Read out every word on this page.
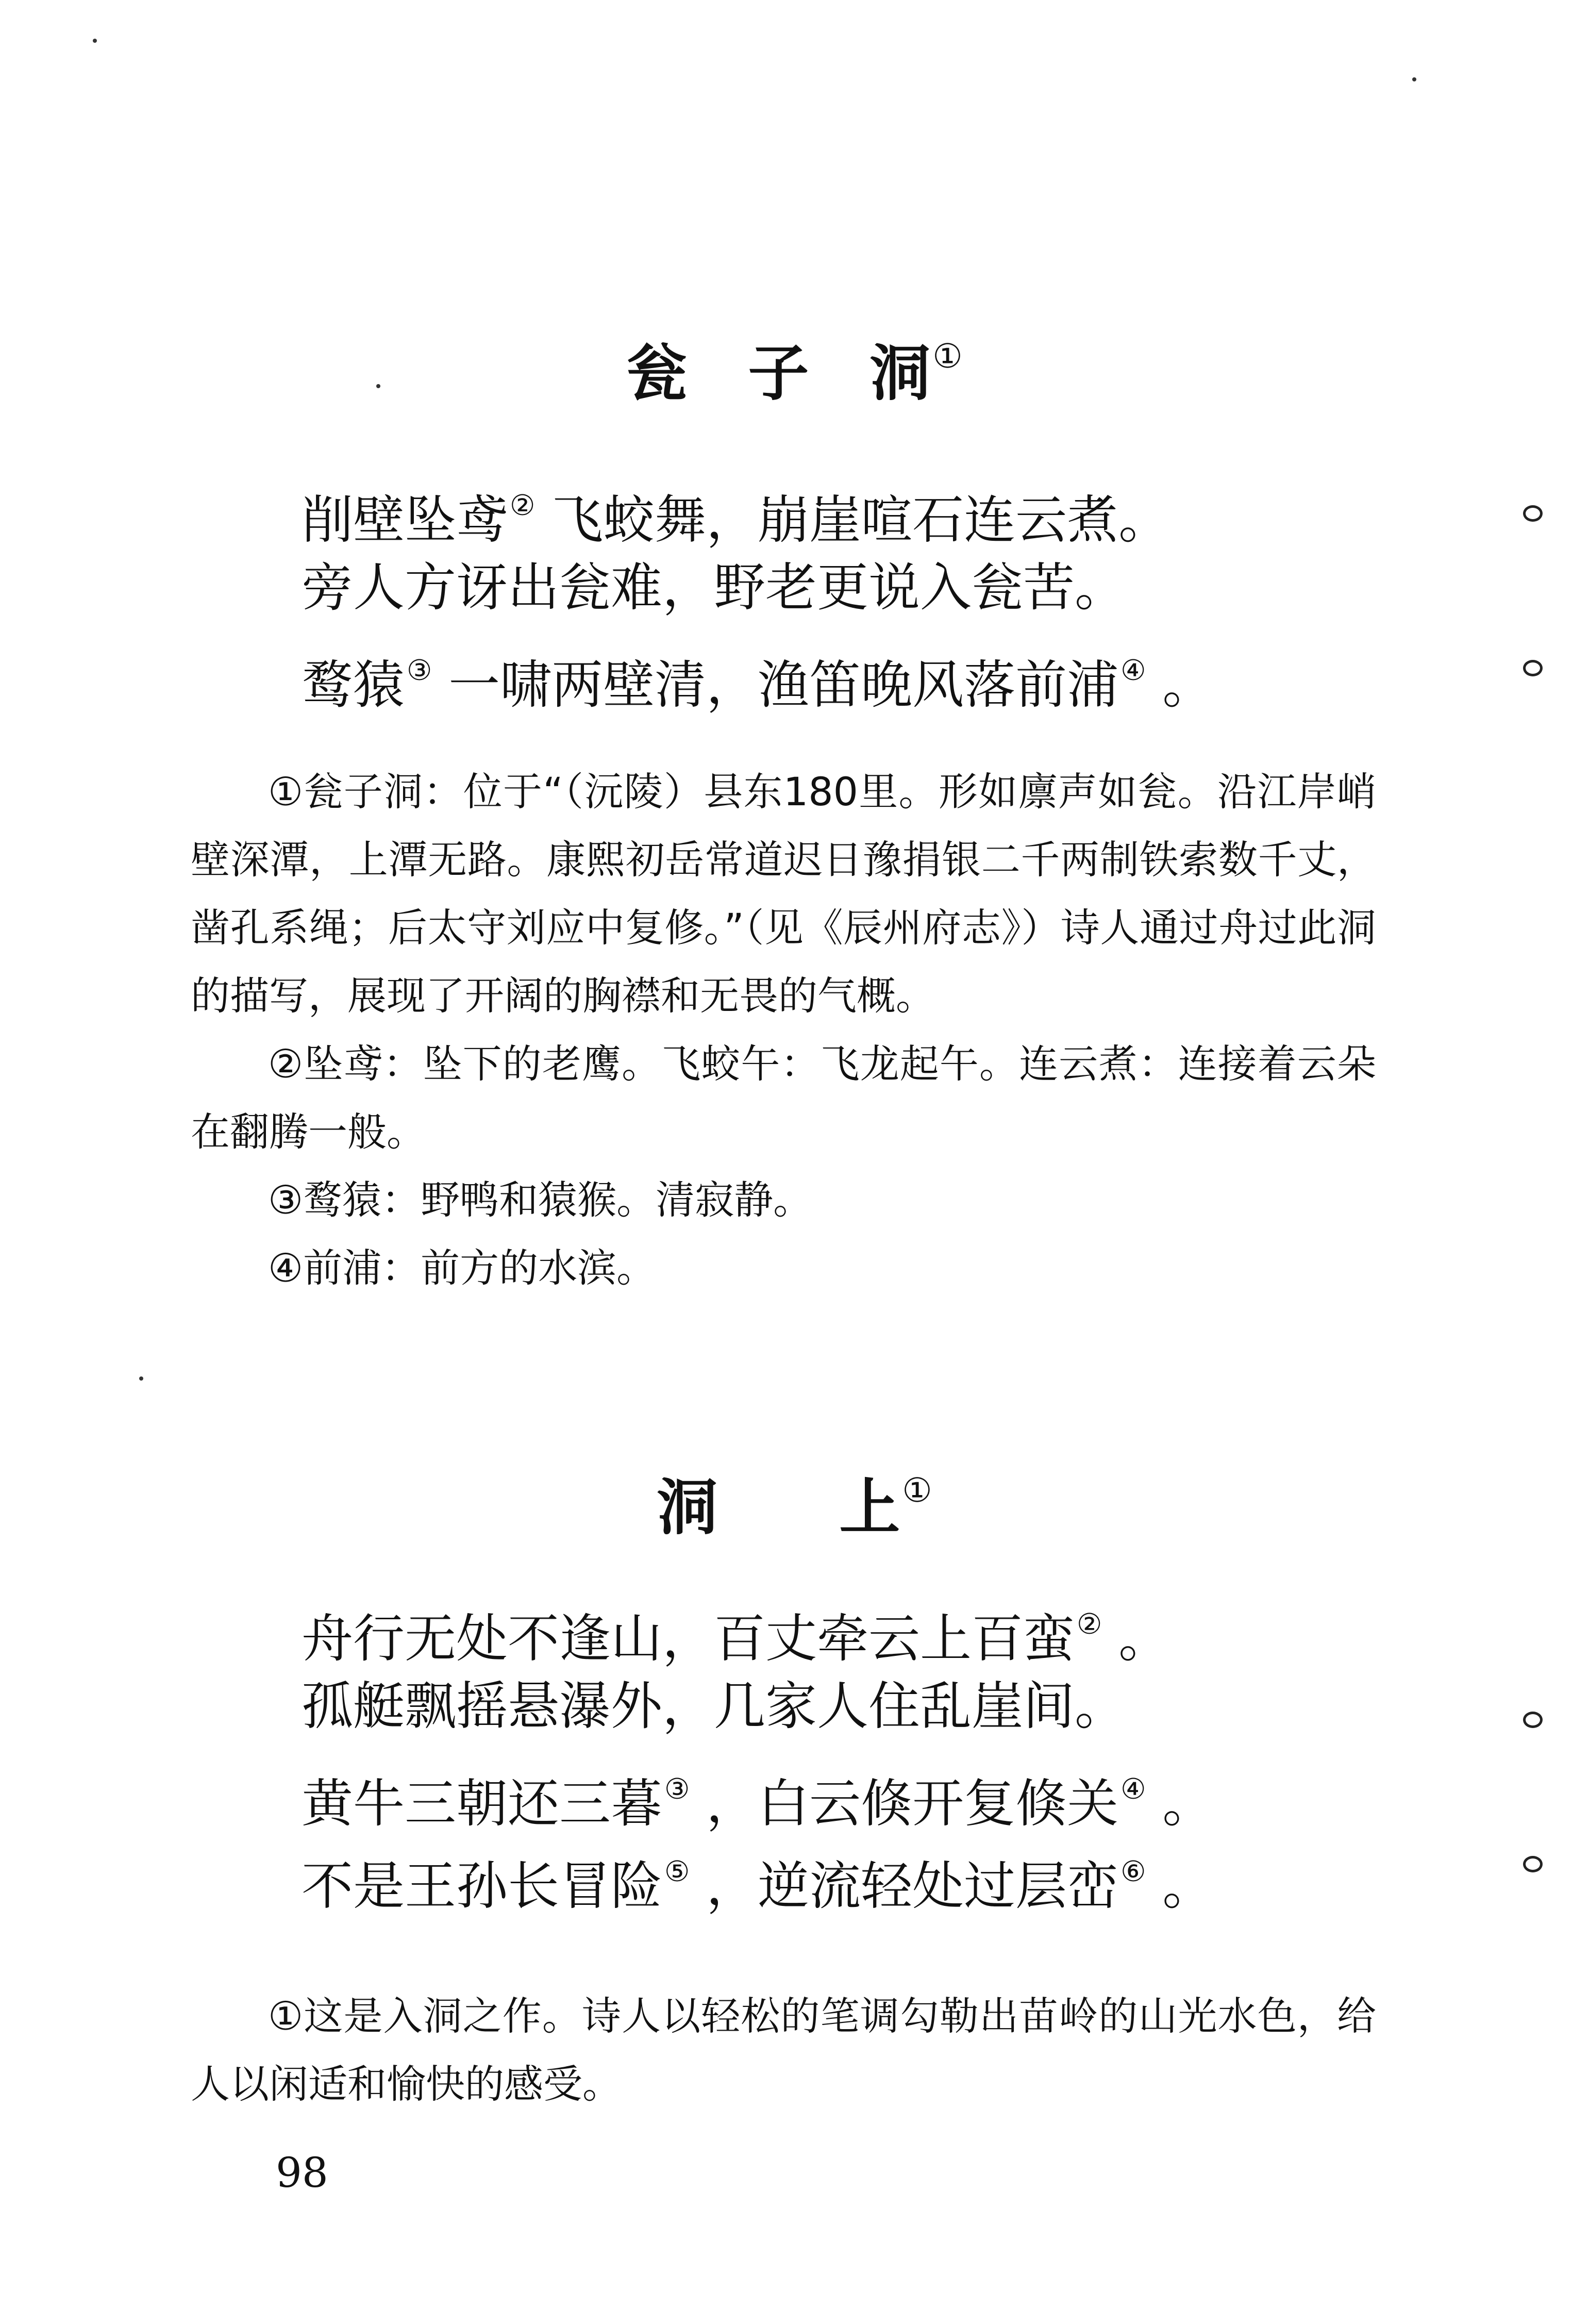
瓮　子　洞①
削壁坠鸢② 飞蛟舞，崩崖喧石连云煮。
旁人方讶出瓮难，野老更说入瓮苦。
鹜猿③ 一啸两壁清，渔笛晚风落前浦④ 。

①瓮子洞：位于“（沅陵）县东180里。形如廪声如瓮。沿江岸峭壁深潭，上潭无路。康熙初岳常道迟日豫捐银二千两制铁索数千丈，凿孔系绳；后太守刘应中复修。”（见《辰州府志》）诗人通过舟过此洞的描写，展现了开阔的胸襟和无畏的气概。

②坠鸢：坠下的老鹰。飞蛟午：飞龙起午。连云煮：连接着云朵在翻腾一般。

③鹜猿：野鸭和猿猴。清寂静。

④前浦：前方的水滨。

洞　　上①
舟行无处不逢山，百丈牵云上百蛮② 。
孤艇飘摇悬瀑外，几家人住乱崖间。
黄牛三朝还三暮③ ，白云倏开复倏关④ 。
不是王孙长冒险⑤ ，逆流轻处过层峦⑥ 。

①这是入洞之作。诗人以轻松的笔调勾勒出苗岭的山光水色，给人以闲适和愉快的感受。

98
